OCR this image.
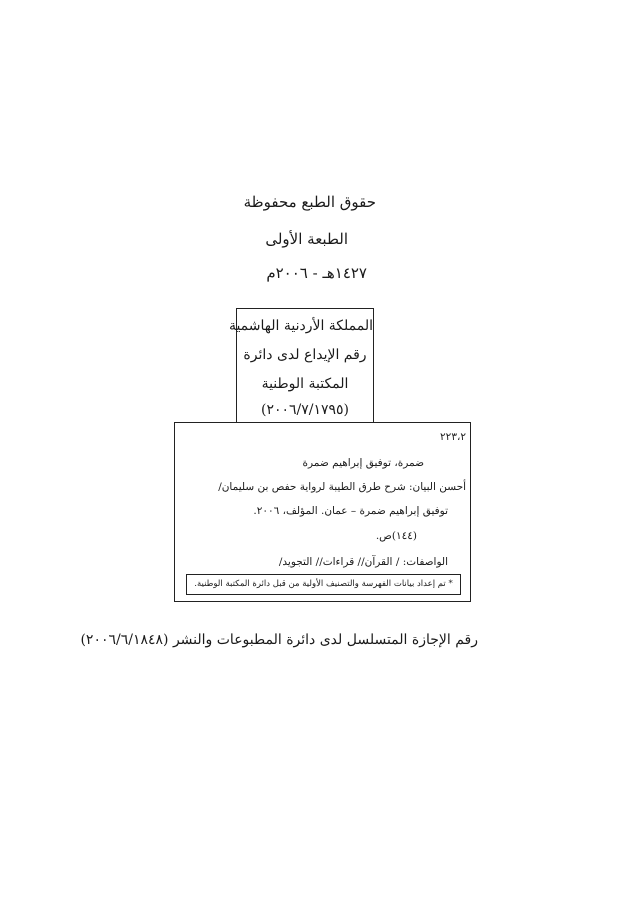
حقوق الطبع محفوظة
الطبعة الأولى
١٤٢٧هـ - ٢٠٠٦م
المملكة الأردنية الهاشمية
رقم الإيداع لدى دائرة
المكتبة الوطنية
(٢٠٠٦/٧/١٧٩٥)
٢٢٣،٢
ضمرة، توفيق إبراهيم ضمرة
أحسن البيان: شرح طرق الطيبة لرواية حفص بن سليمان/
توفيق إبراهيم ضمرة – عمان. المؤلف، ٢٠٠٦.
(١٤٤)ص.
الواصفات: / القرآن// قراءات// التجويد/
* تم إعداد بيانات الفهرسة والتصنيف الأولية من قبل دائرة المكتبة الوطنية.
رقم الإجازة المتسلسل لدى دائرة المطبوعات والنشر (٢٠٠٦/٦/١٨٤٨)
